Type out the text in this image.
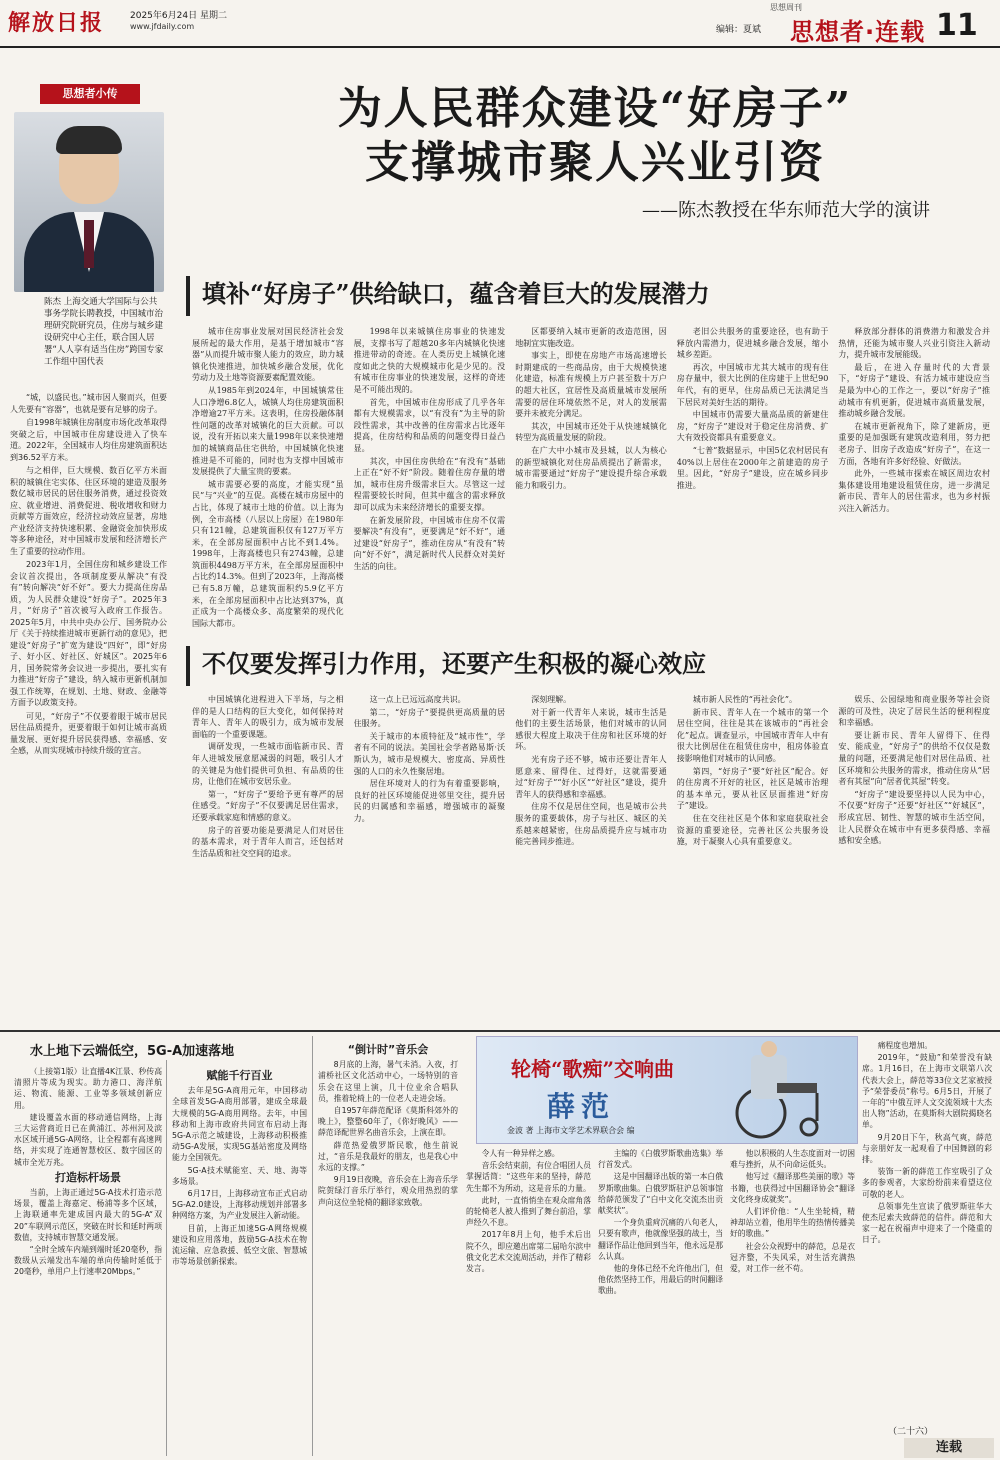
解放日报	2025年6月24日 星期二
www.jfdaily.com
思想周刊
编辑：夏斌 思想者·连载 11
思想者小传
陈杰 上海交通大学国际与公共事务学院长聘教授，中国城市治理研究院研究员，住房与城乡建设研究中心主任，联合国人居署“人人享有适当住房”跨国专家工作组中国代表

“城，以盛民也。”城市因人聚而兴，但要人先要有“容器”，也就是要有足够的房子。

自1998年城镇住房制度市场化改革取得突破之后，中国城市住房建设进入了快车道。2022年，全国城市人均住房建筑面积达到36.52平方米。

与之相伴，巨大规模、数百亿平方米面积的城镇住宅实体、住区环境的建造及服务数亿城市居民的居住服务消费，通过投资效应、就业增进、消费促进、税收增收和财力贡献等方面效应，经济拉动效应显著，房地产业经济支持快速积累、金融资金加快形成等多种途径，对中国城市发展和经济增长产生了重要的拉动作用。

2023年1月，全国住房和城乡建设工作会议首次提出，各项制度要从解决“有没有”转向解决“好不好”。要大力提高住房品质，为人民群众建设“好房子”。2025年3月，“好房子”首次被写入政府工作报告。2025年5月，中共中央办公厅、国务院办公厅《关于持续推进城市更新行动的意见》，把建设“好房子”扩宽为建设“四好”，即“好房子、好小区、好社区、好城区”。2025年6月，国务院常务会议进一步提出，要扎实有力推进“好房子”建设，纳入城市更新机制加强工作统筹，在规划、土地、财政、金融等方面予以政策支持。

可见，“好房子”不仅要着眼于城市居民居住品质提升，更要着眼于如何让城市高质量发展、更好提升居民获得感、幸福感、安全感，从而实现城市持续升级的宣言。

为人民群众建设“好房子”
支撑城市聚人兴业引资
——陈杰教授在华东师范大学的演讲
填补“好房子”供给缺口，蕴含着巨大的发展潜力

城市住房事业发展对国民经济社会发展所起的最大作用，是基于增加城市“容器”从而提升城市聚人能力的效应，助力城镇化快速推进，加快城乡融合发展，优化劳动力及土地等资源要素配置效能。

从1985年到2024年，中国城镇常住人口净增6.8亿人，城镇人均住房建筑面积净增逾27平方米。这表明，住房投融体制性问题的改革对城镇化的巨大贡献。可以说，没有开拓以来大量1998年以来快速增加的城镇商品住宅供给，中国城镇化快速推进是不可能的，同时也为支撑中国城市发展提供了大量宝贵的要素。

城市需要必要的高度，才能实现“虽民”与“兴业”的互促。高楼在城市房屋中的占比，体现了城市土地的价值。以上海为例，全市高楼（八层以上房屋）在1980年只有121幢，总建筑面积仅有127万平方米，在全部房屋面积中占比不到1.4%。1998年，上海高楼也只有2743幢，总建筑面积4498万平方米，在全部房屋面积中占比约14.3%。但到了2023年，上海高楼已有5.8万幢，总建筑面积约5.9亿平方米，在全部房屋面积中占比达到37%，真正成为一个高楼众多、高度繁荣的现代化国际大都市。

1998年以来城镇住房事业的快速发展，支撑书写了超越20多年内城镇化快速推进带动的奇迹。在人类历史上城镇化速度如此之快的大规模城市化是少见的。没有城市住房事业的快速发展，这样的奇迹是不可能出现的。

首先，中国城市住房形成了几乎各年都有大规模需求，以“有没有”为主导的阶段性需求，其中改善的住房需求占比逐年提高，住房结构和品质的问题变得日益凸显。

其次，中国住房供给在“有没有”基础上正在“好不好”阶段。随着住房存量的增加，城市住房升级需求巨大。尽管这一过程需要较长时间，但其中蕴含的需求释放却可以成为未来经济增长的重要支撑。

在新发展阶段，中国城市住房不仅需要解决“有没有”，更要满足“好不好”，通过建设“好房子”，推动住房从“有没有”转向“好不好”，满足新时代人民群众对美好生活的向往。

区都要纳入城市更新的改造范围，因地制宜实施改造。

事实上，即使在房地产市场高速增长时期建成的一些商品房，由于大规模快速化建造，标准有规模上万户甚至数十万户的超大社区，宜居性及高质量城市发展所需要的居住环境依然不足，对人的发展需要并未被充分满足。

其次，中国城市还处于从快速城镇化转型为高质量发展的阶段。

在广大中小城市及县城，以人为核心的新型城镇化对住房品质提出了新需求，城市需要通过“好房子”建设提升综合承载能力和吸引力。

老旧公共服务的重要途径，也有助于释放内需潜力，促进城乡融合发展，缩小城乡差距。

再次，中国城市尤其大城市的现有住房存量中，很大比例的住房建于上世纪90年代，有的更早，住房品质已无法满足当下居民对美好生活的期待。

中国城市仍需要大量高品质的新建住房，“好房子”建设对于稳定住房消费、扩大有效投资都具有重要意义。

“七普”数据显示，中国5亿农村居民有40%以上居住在2000年之前建造的房子里。因此，“好房子”建设，应在城乡同步推进。

释放部分群体的消费潜力和激发合并热情，还能为城市聚人兴业引资注入新动力，提升城市发展能级。

最后，在进入存量时代的大背景下，“好房子”建设、有活力城市建设应当是最为中心的工作之一，要以“好房子”推动城市有机更新，促进城市高质量发展，推动城乡融合发展。

在城市更新视角下，除了建新房，更重要的是加强既有建筑改造利用，努力把老房子、旧房子改造成“好房子”，在这一方面，各地有许多好经验、好做法。

此外，一些城市探索在城区周边农村集体建设用地建设租赁住房，进一步满足新市民、青年人的居住需求，也为乡村振兴注入新活力。

不仅要发挥引力作用，还要产生积极的凝心效应

中国城镇化进程进入下半场，与之相伴的是人口结构的巨大变化，如何保持对青年人、青年人的吸引力，成为城市发展面临的一个重要课题。

调研发现，一些城市面临新市民、青年人进城发展意愿减弱的问题，吸引人才的关键是为他们提供可负担、有品质的住房，让他们在城市安居乐业。

第一，“好房子”要给予更有尊严的居住感受。“好房子”不仅要满足居住需求，还要承载家庭和情感的意义。

房子的首要功能是要满足人们对居住的基本需求，对于青年人而言，还包括对生活品质和社交空间的追求。

这一点上已远远高度共识。

第二，“好房子”要提供更高质量的居住服务。

关于城市的本质特征及“城市性”，学者有不同的说法。美国社会学者路易斯·沃斯认为，城市是规模大、密度高、异质性强的人口的永久性聚居地。

居住环境对人的行为有着重要影响，良好的社区环境能促进邻里交往，提升居民的归属感和幸福感，增强城市的凝聚力。

深刻理解。

对于新一代青年人来说，城市生活是他们的主要生活场景，他们对城市的认同感很大程度上取决于住房和社区环境的好坏。

光有房子还不够，城市还要让青年人愿意来、留得住、过得好，这就需要通过“好房子”“好小区”“好社区”建设，提升青年人的获得感和幸福感。

住房不仅是居住空间，也是城市公共服务的重要载体，房子与社区、城区的关系越来越紧密，住房品质提升应与城市功能完善同步推进。

城市新人民性的“再社会化”。

新市民、青年人在一个城市的第一个居住空间，往往是其在该城市的“再社会化”起点。调查显示，中国城市青年人中有很大比例居住在租赁住房中，租房体验直接影响他们对城市的认同感。

第四，“好房子”要“好社区”配合。好的住房离不开好的社区，社区是城市治理的基本单元，要从社区层面推进“好房子”建设。

住在交往社区是个体和家庭获取社会资源的重要途径，完善社区公共服务设施，对于凝聚人心具有重要意义。

娱乐、公园绿地和商业服务等社会资源的可及性，决定了居民生活的便利程度和幸福感。

要让新市民、青年人留得下、住得安、能成业，“好房子”的供给不仅仅是数量的问题，还要满足他们对居住品质、社区环境和公共服务的需求，推动住房从“居者有其屋”向“居者优其屋”转变。

“好房子”建设要坚持以人民为中心，不仅要“好房子”还要“好社区”“好城区”，形成宜居、韧性、智慧的城市生活空间，让人民群众在城市中有更多获得感、幸福感和安全感。

水上地下云端低空，5G-A加速落地

（上接第1版）让直播4K江景、秒传高清照片等成为现实。助力港口、海洋航运、物流、能源、工业等多领域创新应用。

建设覆盖水面的移动通信网络，上海三大运营商近日已在黄浦江、苏州河及滨水区域开通5G-A网络，让全程都有高速网络，并实现了连通智慧校区、数字园区的城市全光万兆。

打造标杆场景

当前，上海正通过5G-A技术打造示范场景，覆盖上海嘉定、杨浦等多个区域，上海联通率先建成国内最大的5G-A“双20”车联网示范区，突破在时长和延时两项数值，支持城市智慧交通发展。

“全时全域车内端到端时延20毫秒，指数级从云端发出车端的单向传输时延低于20毫秒，单用户上行速率20Mbps。”

赋能千行百业

去年是5G-A商用元年，中国移动全球首发5G-A商用部署，建成全球最大规模的5G-A商用网络。去年，中国移动和上海市政府共同宣布启动上海5G-A示范之城建设，上海移动积极推动5G-A发展，实现5G基站密度及网络能力全国领先。

5G-A技术赋能室、天、地、海等多场景。

6月17日，上海移动宣布正式启动5G-A2.0建设，上海移动规划并部署多种网络方案，为产业发展注入新动能。

目前，上海正加速5G-A网络规模建设和应用落地，鼓励5G-A技术在物流运输、应急救援、低空文旅、智慧城市等场景创新探索。

“倒计时”音乐会

8月底的上海，暑气未消。入夜，打浦桥社区文化活动中心，一场特别的音乐会在这里上演，几十位业余合唱队员，推着轮椅上的一位老人走进会场。

自1957年薛范配译《莫斯科郊外的晚上》，整整60年了，《你好晚风》——薛范译配世界名曲音乐会，上演在即。

薛范热爱俄罗斯民歌，他生前说过，“音乐是我最好的朋友，也是我心中永远的支撑。”

9月19日夜晚，音乐会在上海音乐学院贺绿汀音乐厅举行，观众用热烈的掌声向这位坐轮椅的翻译家致敬。

轮椅“歌痴”交响曲
薛范
金波 著 上海市文学艺术界联合会 编

令人有一种异样之感。

音乐会结束前，有位合唱团人员掌握话筒：“这些年来的坚持，薛范先生都不为所动，这是音乐的力量。

此时，一直悄悄坐在观众席角落的轮椅老人被人推到了舞台前沿，掌声经久不息。

2017年8月上旬，他手术后出院不久，即应邀出席第二届哈尔滨中俄文化艺术交流周活动，并作了精彩发言。

主编的《白俄罗斯歌曲选集》举行首发式。

这是中国翻译出版的第一本白俄罗斯歌曲集。白俄罗斯驻沪总领事馆给薛范颁发了“白中文化交流杰出贡献奖状”。

一个身负重疴沉痛的八旬老人，只要有歌声，他就像坚强的战士，当翻译作品让他回到当年，他永远是那么认真。

他的身体已经不允许他出门，但他依然坚持工作，用最后的时间翻译歌曲。

他以积极的人生态度面对一切困难与挫折，从不向命运低头。

他写过《翻译那些美丽的歌》等书籍，也获得过中国翻译协会“翻译文化终身成就奖”。

人们评价他：“人生坐轮椅，精神却站立着，他用毕生的热情传播美好的歌曲。”

社会公众视野中的薛范，总是衣冠齐整，不失风采，对生活充满热爱，对工作一丝不苟。

痛程度也增加。

2019年，“鼓励”和荣誉没有缺席。1月16日，在上海市文联第八次代表大会上，薛范等33位文艺家被授予“荣誉委员”称号。6月5日，开展了一年的“中俄互评人文交流领域十大杰出人物”活动，在莫斯科大剧院揭晓名单。

9月20日下午，秋高气爽，薛范与亲朋好友一起观看了中国舞剧的彩排。

装饰一新的薛范工作室吸引了众多的参观者，大家纷纷前来看望这位可敬的老人。

总领事先生宣读了俄罗斯驻华大使杰尼索夫致薛范的信件。薛范和大家一起在祝福声中迎来了一个隆重的日子。

（二十六）
连载
